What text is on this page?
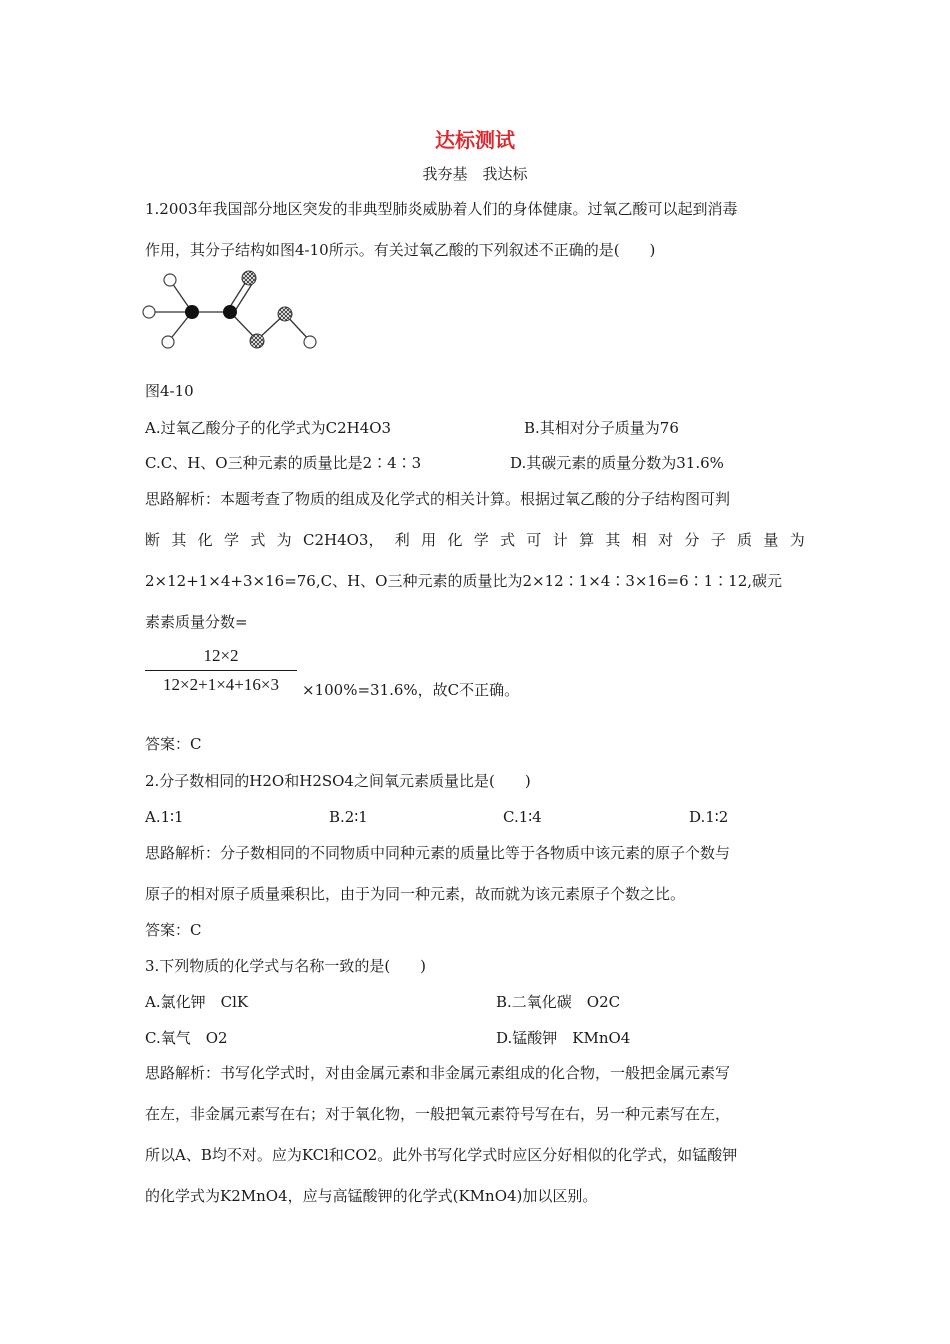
达标测试
我夯基　我达标
1.2003年我国部分地区突发的非典型肺炎威胁着人们的身体健康。过氧乙酸可以起到消毒
作用，其分子结构如图4-10所示。有关过氧乙酸的下列叙述不正确的是(　　)
图4-10
A.过氧乙酸分子的化学式为C2H4O3	B.其相对分子质量为76
C.C、H、O三种元素的质量比是2∶4∶3	D.其碳元素的质量分数为31.6%
思路解析：本题考查了物质的组成及化学式的相关计算。根据过氧乙酸的分子结构图可判
断 其 化 学 式 为 C2H4O3， 利 用 化 学 式 可 计 算 其 相 对 分 子 质 量 为
2×12+1×4+3×16=76,C、H、O三种元素的质量比为2×12∶1×4∶3×16=6∶1∶12,碳元
素素质量分数=
12×2
12×2+1×4+16×3	×100%=31.6%，故C不正确。
答案：C
2.分子数相同的H2O和H2SO4之间氧元素质量比是(　　)
A.1∶1	B.2∶1	C.1∶4	D.1∶2
思路解析：分子数相同的不同物质中同种元素的质量比等于各物质中该元素的原子个数与
原子的相对原子质量乘积比，由于为同一种元素，故而就为该元素原子个数之比。
答案：C
3.下列物质的化学式与名称一致的是(　　)
A.氯化钾　ClK	B.二氧化碳　O2C
C.氧气　O2	D.锰酸钾　KMnO4
思路解析：书写化学式时，对由金属元素和非金属元素组成的化合物，一般把金属元素写
在左，非金属元素写在右；对于氧化物，一般把氧元素符号写在右，另一种元素写在左，
所以A、B均不对。应为KCl和CO2。此外书写化学式时应区分好相似的化学式，如锰酸钾
的化学式为K2MnO4，应与高锰酸钾的化学式(KMnO4)加以区别。
